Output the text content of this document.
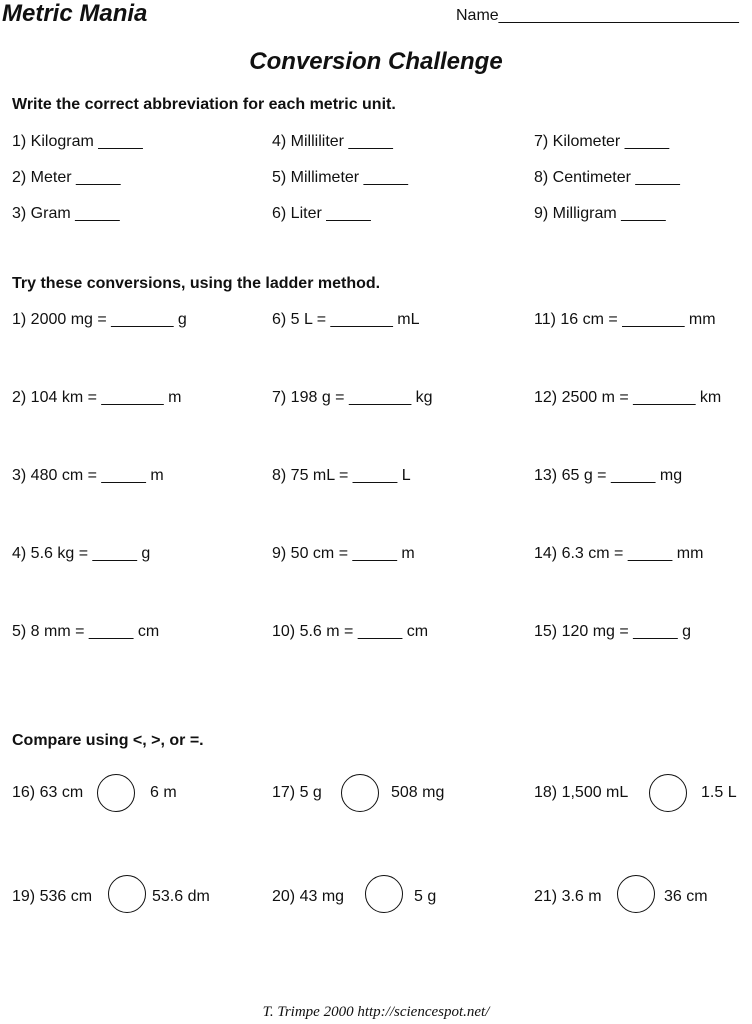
Metric Mania	Name___________________________
Conversion Challenge
Write the correct abbreviation for each metric unit.
1) Kilogram _____
2) Meter _____
3) Gram _____
4) Milliliter _____
5) Millimeter _____
6) Liter _____
7) Kilometer _____
8) Centimeter _____
9) Milligram _____
Try these conversions, using the ladder method.
1) 2000 mg = _______ g
2) 104 km = _______ m
3) 480 cm = _____ m
4) 5.6 kg = _____ g
5) 8 mm = _____ cm
6) 5 L = _______ mL
7) 198 g = _______ kg
8) 75 mL = _____ L
9) 50 cm = _____ m
10) 5.6 m = _____ cm
11) 16 cm = _______ mm
12) 2500 m = _______ km
13) 65 g = _____ mg
14) 6.3 cm = _____ mm
15) 120 mg = _____ g
Compare using <, >, or =.
16) 63 cm	6 m	17) 5 g	508 mg	18) 1,500 mL	1.5 L
19) 536 cm	53.6 dm	20) 43 mg	5 g	21) 3.6 m	36 cm
T. Trimpe 2000 http://sciencespot.net/
